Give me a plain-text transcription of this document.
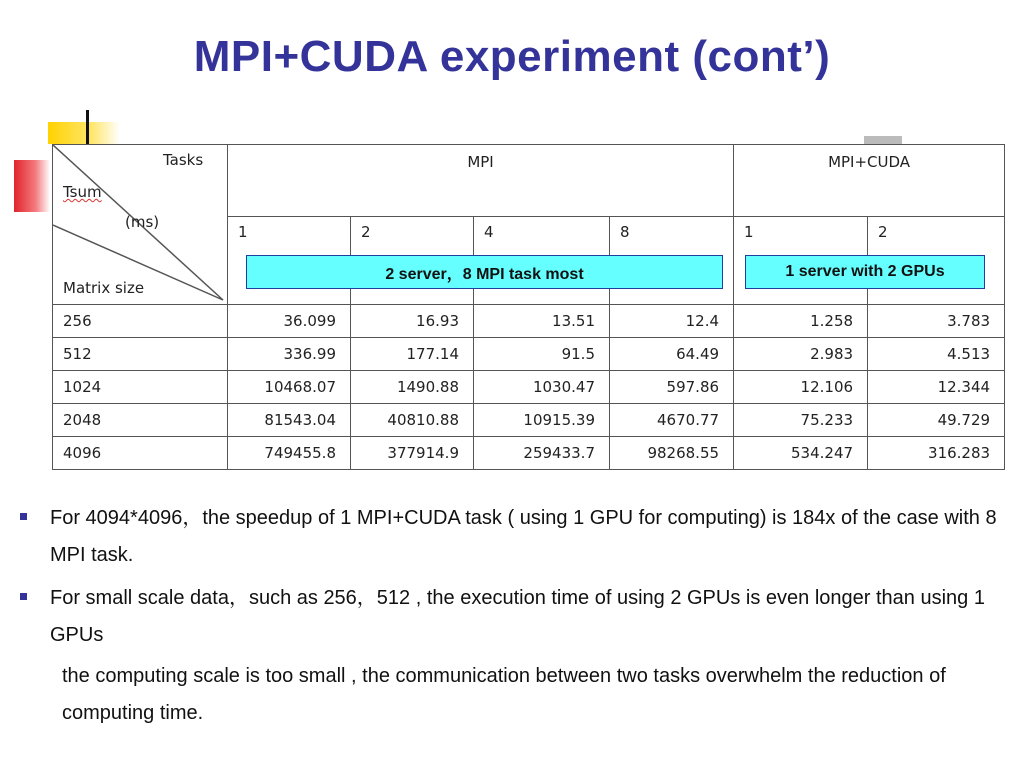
MPI+CUDA experiment (cont’)
Tasks
Tsum
(ms)
Matrix size	MPI				MPI+CUDA	
	1	2	4	8	1	2
256	36.099	16.93	13.51	12.4	1.258	3.783
512	336.99	177.14	91.5	64.49	2.983	4.513
1024	10468.07	1490.88	1030.47	597.86	12.106	12.344
2048	81543.04	40810.88	10915.39	4670.77	75.233	49.729
4096	749455.8	377914.9	259433.7	98268.55	534.247	316.283
2 server，8 MPI task most	1 server with 2 GPUs
For 4094*4096，the speedup of 1 MPI+CUDA task ( using 1 GPU for computing) is 184x of the case with 8 MPI task.
For small scale data，such as 256，512 , the execution time of using 2 GPUs is even longer than using 1 GPUs
the computing scale is too small , the communication between two tasks overwhelm the reduction of computing time.
